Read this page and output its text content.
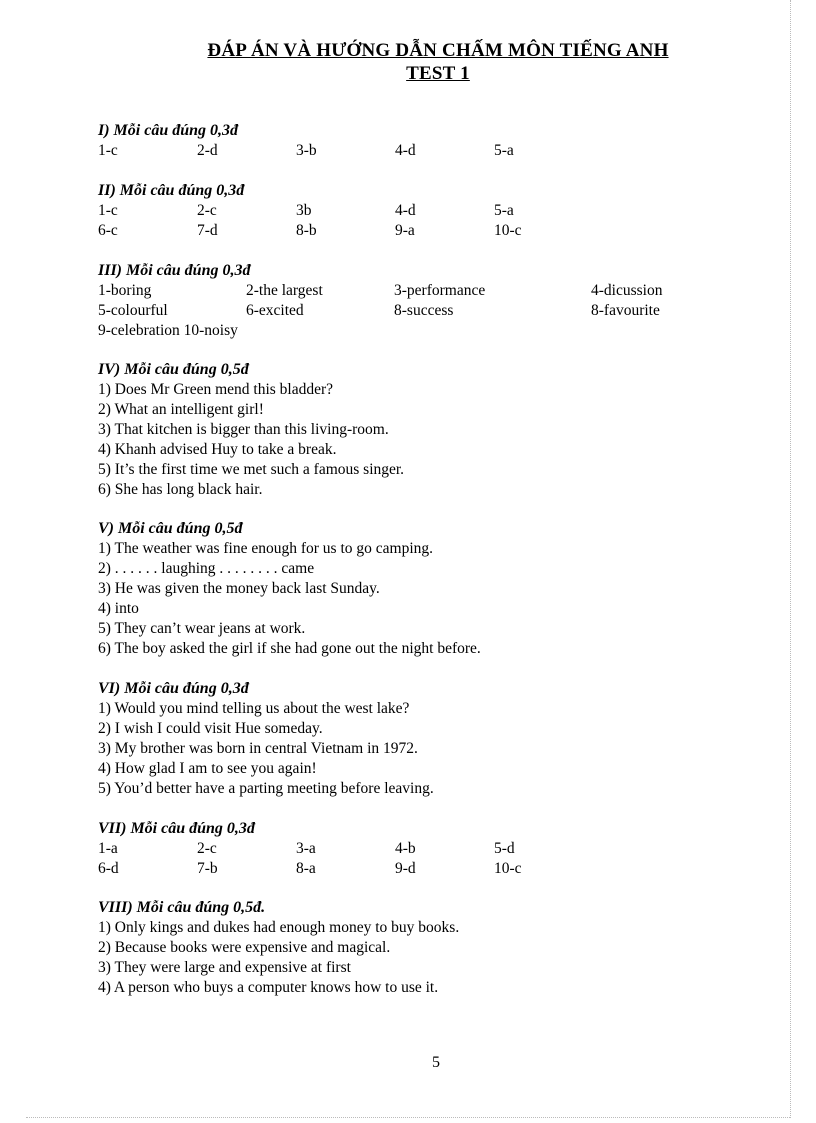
ĐÁP ÁN VÀ HƯỚNG DẪN CHẤM MÔN TIẾNG ANH
TEST 1
I) Mỗi câu đúng 0,3đ
1-c	2-d	3-b	4-d	5-a
II) Mỗi câu đúng 0,3đ
1-c	2-c	3b	4-d	5-a
6-c	7-d	8-b	9-a	10-c
III) Mỗi câu đúng 0,3đ
1-boring	2-the largest	3-performance	4-dicussion
5-colourful	6-excited	8-success	8-favourite
9-celebration 10-noisy
IV) Mỗi câu đúng 0,5đ
1) Does Mr Green mend this bladder?
2) What an intelligent girl!
3) That kitchen is bigger than this living-room.
4) Khanh advised Huy to take a break.
5) It’s the first time we met such a famous singer.
6) She has long black hair.
V) Mỗi câu đúng 0,5đ
1) The weather was fine enough for us to go camping.
2) . . . . . . laughing . . . . . . . . came
3) He was given the money back last Sunday.
4) into
5) They can’t wear jeans at work.
6) The boy asked the girl if she had gone out the night before.
VI) Mỗi câu đúng 0,3đ
1) Would you mind telling us about the west lake?
2) I wish I could visit Hue someday.
3) My brother was born in central Vietnam in 1972.
4) How glad I am to see you again!
5) You’d better have a parting meeting before leaving.
VII) Mỗi câu đúng 0,3đ
1-a	2-c	3-a	4-b	5-d
6-d	7-b	8-a	9-d	10-c
VIII) Mỗi câu đúng 0,5đ.
1) Only kings and dukes had enough money to buy books.
2) Because books were expensive and magical.
3) They were large and expensive at first
4) A person who buys a computer knows how to use it.
5
